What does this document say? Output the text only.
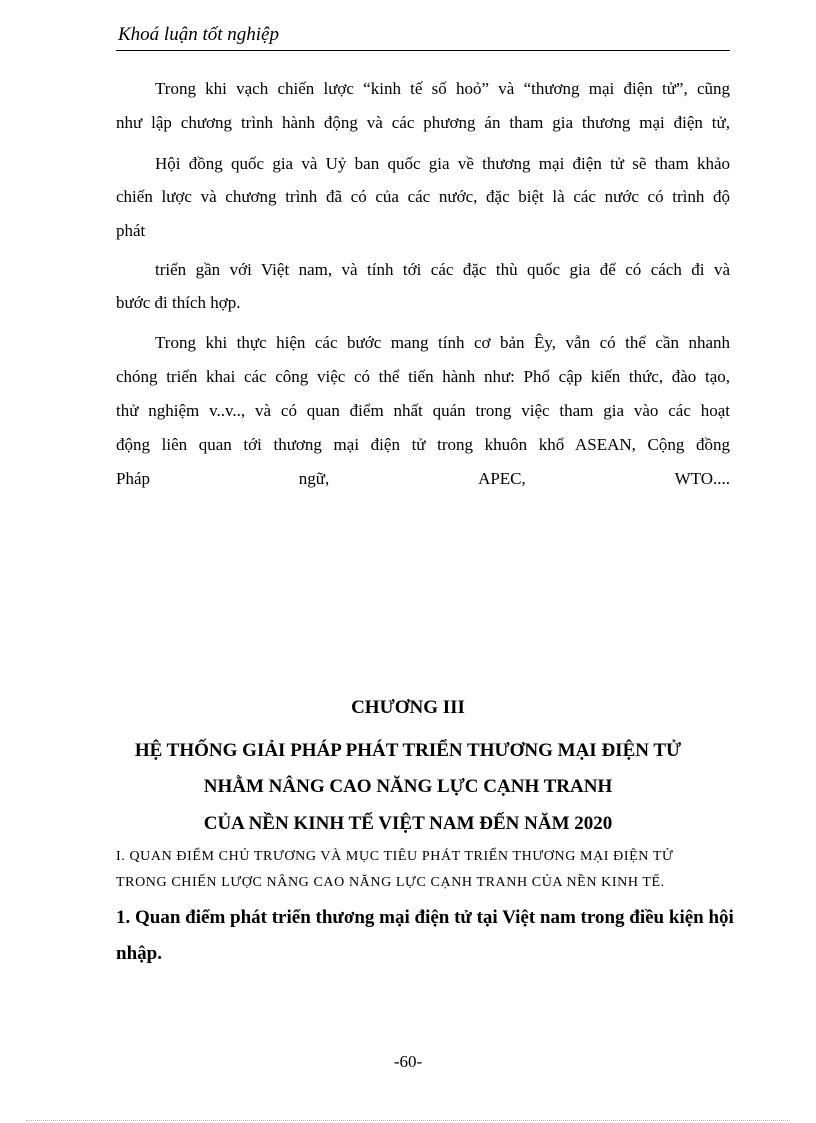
Khoá luận tốt nghiệp
Trong khi vạch chiến lược “kinh tế số hoỏ” và “thương mại điện tử”, cũng
như lập chương trình hành động và các phương án tham gia thương mại điện tử,
Hội đồng quốc gia và Uỷ ban quốc gia về thương mại điện tử sẽ tham khảo
chiến lược và chương trình đã có của các nước, đặc biệt là các nước có trình độ
phát
triển gần với Việt nam, và tính tới các đặc thù quốc gia để có cách đi và
bước đi thích hợp.
Trong khi thực hiện các bước mang tính cơ bản Êy, vẫn có thể cần nhanh
chóng triển khai các công việc có thể tiến hành như: Phổ cập kiến thức, đào tạo,
thử nghiệm v..v.., và có quan điểm nhất quán trong việc tham gia vào các hoạt
động liên quan tới thương mại điện tử trong khuôn khổ ASEAN, Cộng đồng
Pháp	ngữ,	APEC,	WTO....
CHƯƠNG III
HỆ THỐNG GIẢI PHÁP PHÁT TRIỂN THƯƠNG MẠI ĐIỆN TỬ
NHẰM NÂNG CAO NĂNG LỰC CẠNH TRANH
CỦA NỀN KINH TẾ VIỆT NAM ĐẾN NĂM 2020
I. QUAN ĐIỂM CHỦ TRƯƠNG VÀ MỤC TIÊU PHÁT TRIỂN THƯƠNG MẠI ĐIỆN TỬ
TRONG CHIẾN LƯỢC NÂNG CAO NĂNG LỰC CẠNH TRANH CỦA NỀN KINH TẾ.
1. Quan điểm phát triển thương mại điện tử tại Việt nam trong điều kiện hội
nhập.
-60-
